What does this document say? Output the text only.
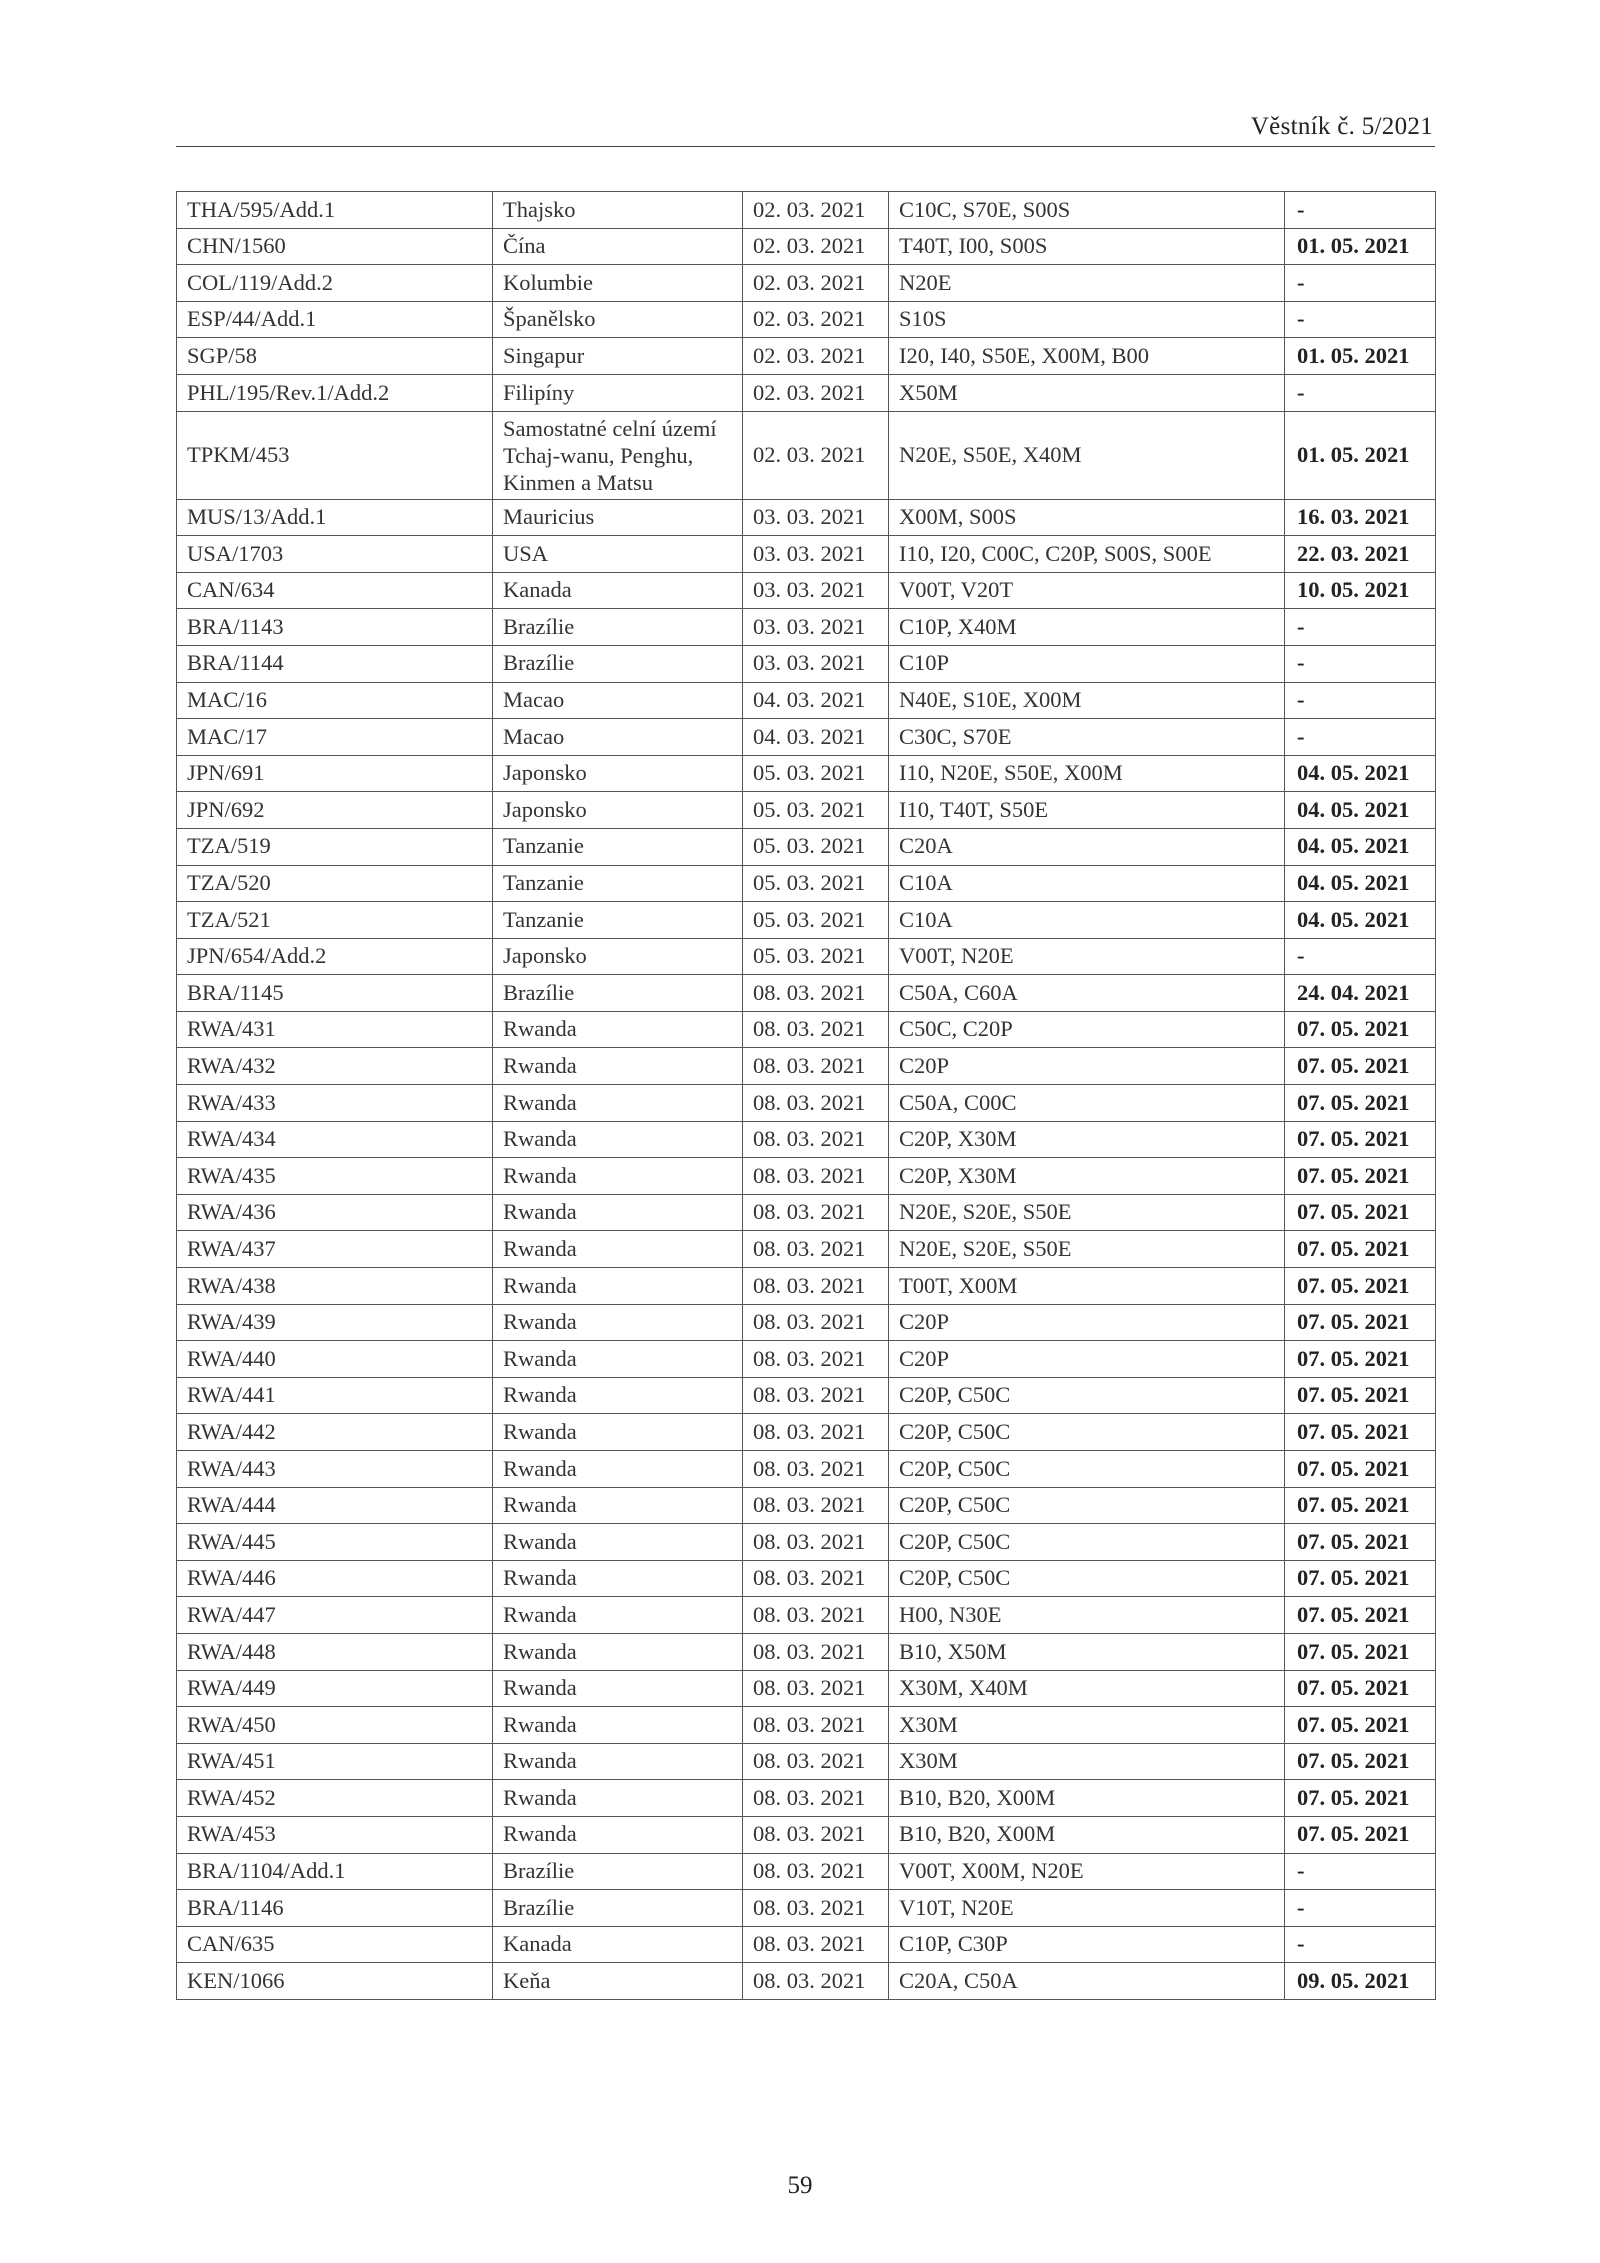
Věstník č. 5/2021
THA/595/Add.1	Thajsko	02. 03. 2021	C10C, S70E, S00S	-
CHN/1560	Čína	02. 03. 2021	T40T, I00, S00S	01. 05. 2021
COL/119/Add.2	Kolumbie	02. 03. 2021	N20E	-
ESP/44/Add.1	Španělsko	02. 03. 2021	S10S	-
SGP/58	Singapur	02. 03. 2021	I20, I40, S50E, X00M, B00	01. 05. 2021
PHL/195/Rev.1/Add.2	Filipíny	02. 03. 2021	X50M	-
TPKM/453	Samostatné celní území Tchaj-wanu, Penghu, Kinmen a Matsu	02. 03. 2021	N20E, S50E, X40M	01. 05. 2021
MUS/13/Add.1	Mauricius	03. 03. 2021	X00M, S00S	16. 03. 2021
USA/1703	USA	03. 03. 2021	I10, I20, C00C, C20P, S00S, S00E	22. 03. 2021
CAN/634	Kanada	03. 03. 2021	V00T, V20T	10. 05. 2021
BRA/1143	Brazílie	03. 03. 2021	C10P, X40M	-
BRA/1144	Brazílie	03. 03. 2021	C10P	-
MAC/16	Macao	04. 03. 2021	N40E, S10E, X00M	-
MAC/17	Macao	04. 03. 2021	C30C, S70E	-
JPN/691	Japonsko	05. 03. 2021	I10, N20E, S50E, X00M	04. 05. 2021
JPN/692	Japonsko	05. 03. 2021	I10, T40T, S50E	04. 05. 2021
TZA/519	Tanzanie	05. 03. 2021	C20A	04. 05. 2021
TZA/520	Tanzanie	05. 03. 2021	C10A	04. 05. 2021
TZA/521	Tanzanie	05. 03. 2021	C10A	04. 05. 2021
JPN/654/Add.2	Japonsko	05. 03. 2021	V00T, N20E	-
BRA/1145	Brazílie	08. 03. 2021	C50A, C60A	24. 04. 2021
RWA/431	Rwanda	08. 03. 2021	C50C, C20P	07. 05. 2021
RWA/432	Rwanda	08. 03. 2021	C20P	07. 05. 2021
RWA/433	Rwanda	08. 03. 2021	C50A, C00C	07. 05. 2021
RWA/434	Rwanda	08. 03. 2021	C20P, X30M	07. 05. 2021
RWA/435	Rwanda	08. 03. 2021	C20P, X30M	07. 05. 2021
RWA/436	Rwanda	08. 03. 2021	N20E, S20E, S50E	07. 05. 2021
RWA/437	Rwanda	08. 03. 2021	N20E, S20E, S50E	07. 05. 2021
RWA/438	Rwanda	08. 03. 2021	T00T, X00M	07. 05. 2021
RWA/439	Rwanda	08. 03. 2021	C20P	07. 05. 2021
RWA/440	Rwanda	08. 03. 2021	C20P	07. 05. 2021
RWA/441	Rwanda	08. 03. 2021	C20P, C50C	07. 05. 2021
RWA/442	Rwanda	08. 03. 2021	C20P, C50C	07. 05. 2021
RWA/443	Rwanda	08. 03. 2021	C20P, C50C	07. 05. 2021
RWA/444	Rwanda	08. 03. 2021	C20P, C50C	07. 05. 2021
RWA/445	Rwanda	08. 03. 2021	C20P, C50C	07. 05. 2021
RWA/446	Rwanda	08. 03. 2021	C20P, C50C	07. 05. 2021
RWA/447	Rwanda	08. 03. 2021	H00, N30E	07. 05. 2021
RWA/448	Rwanda	08. 03. 2021	B10, X50M	07. 05. 2021
RWA/449	Rwanda	08. 03. 2021	X30M, X40M	07. 05. 2021
RWA/450	Rwanda	08. 03. 2021	X30M	07. 05. 2021
RWA/451	Rwanda	08. 03. 2021	X30M	07. 05. 2021
RWA/452	Rwanda	08. 03. 2021	B10, B20, X00M	07. 05. 2021
RWA/453	Rwanda	08. 03. 2021	B10, B20, X00M	07. 05. 2021
BRA/1104/Add.1	Brazílie	08. 03. 2021	V00T, X00M, N20E	-
BRA/1146	Brazílie	08. 03. 2021	V10T, N20E	-
CAN/635	Kanada	08. 03. 2021	C10P, C30P	-
KEN/1066	Keňa	08. 03. 2021	C20A, C50A	09. 05. 2021
59
